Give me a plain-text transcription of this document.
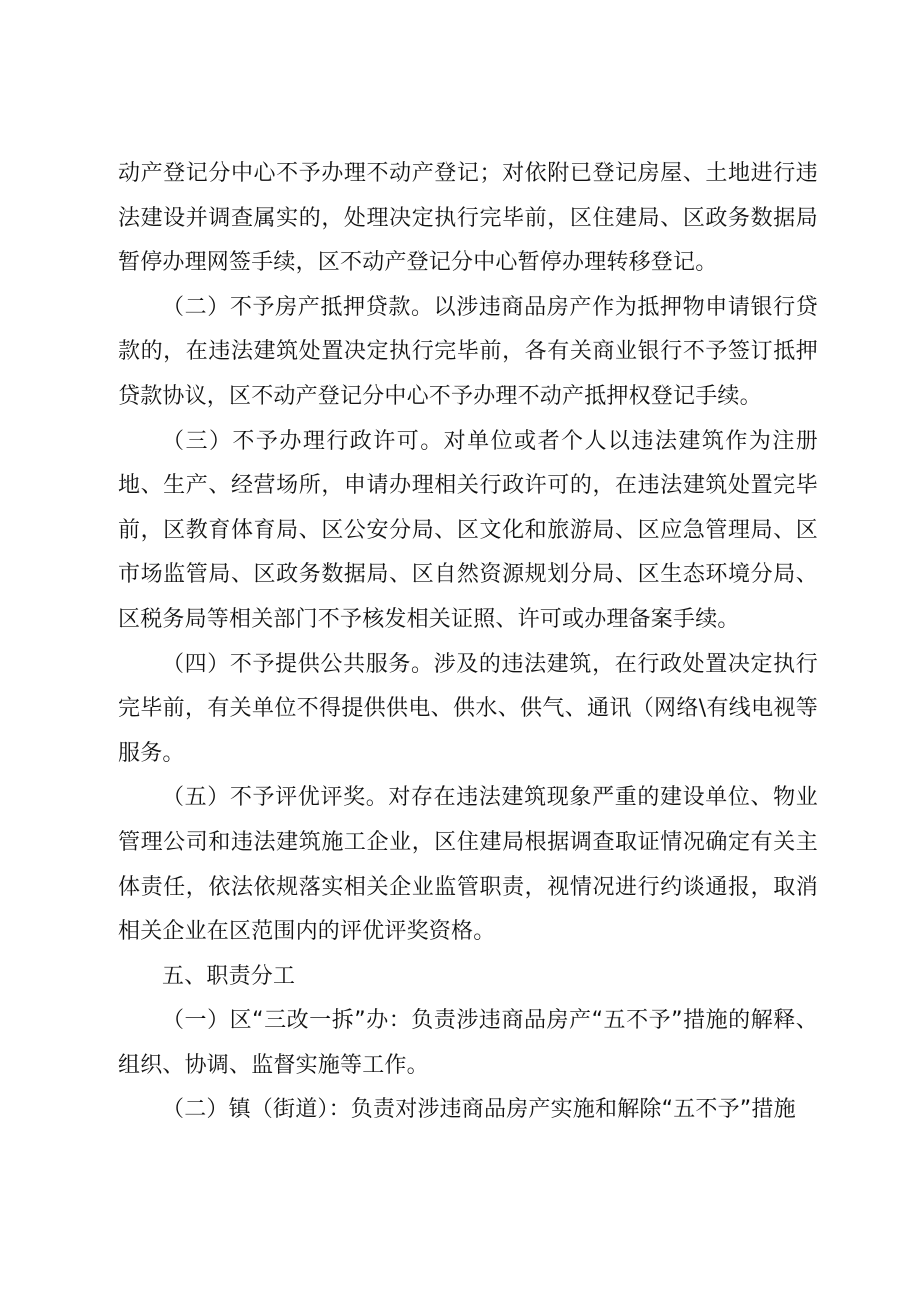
动产登记分中心不予办理不动产登记；对依附已登记房屋、土地进行违法建设并调查属实的，处理决定执行完毕前，区住建局、区政务数据局暂停办理网签手续，区不动产登记分中心暂停办理转移登记。

（二）不予房产抵押贷款。以涉违商品房产作为抵押物申请银行贷款的，在违法建筑处置决定执行完毕前，各有关商业银行不予签订抵押贷款协议，区不动产登记分中心不予办理不动产抵押权登记手续。

（三）不予办理行政许可。对单位或者个人以违法建筑作为注册地、生产、经营场所，申请办理相关行政许可的，在违法建筑处置完毕前，区教育体育局、区公安分局、区文化和旅游局、区应急管理局、区市场监管局、区政务数据局、区自然资源规划分局、区生态环境分局、区税务局等相关部门不予核发相关证照、许可或办理备案手续。

（四）不予提供公共服务。涉及的违法建筑，在行政处置决定执行完毕前，有关单位不得提供供电、供水、供气、通讯（网络\有线电视等服务。

（五）不予评优评奖。对存在违法建筑现象严重的建设单位、物业管理公司和违法建筑施工企业，区住建局根据调查取证情况确定有关主体责任，依法依规落实相关企业监管职责，视情况进行约谈通报，取消相关企业在区范围内的评优评奖资格。

五、职责分工

（一）区“三改一拆”办：负责涉违商品房产“五不予”措施的解释、组织、协调、监督实施等工作。

（二）镇（街道）：负责对涉违商品房产实施和解除“五不予”措施
